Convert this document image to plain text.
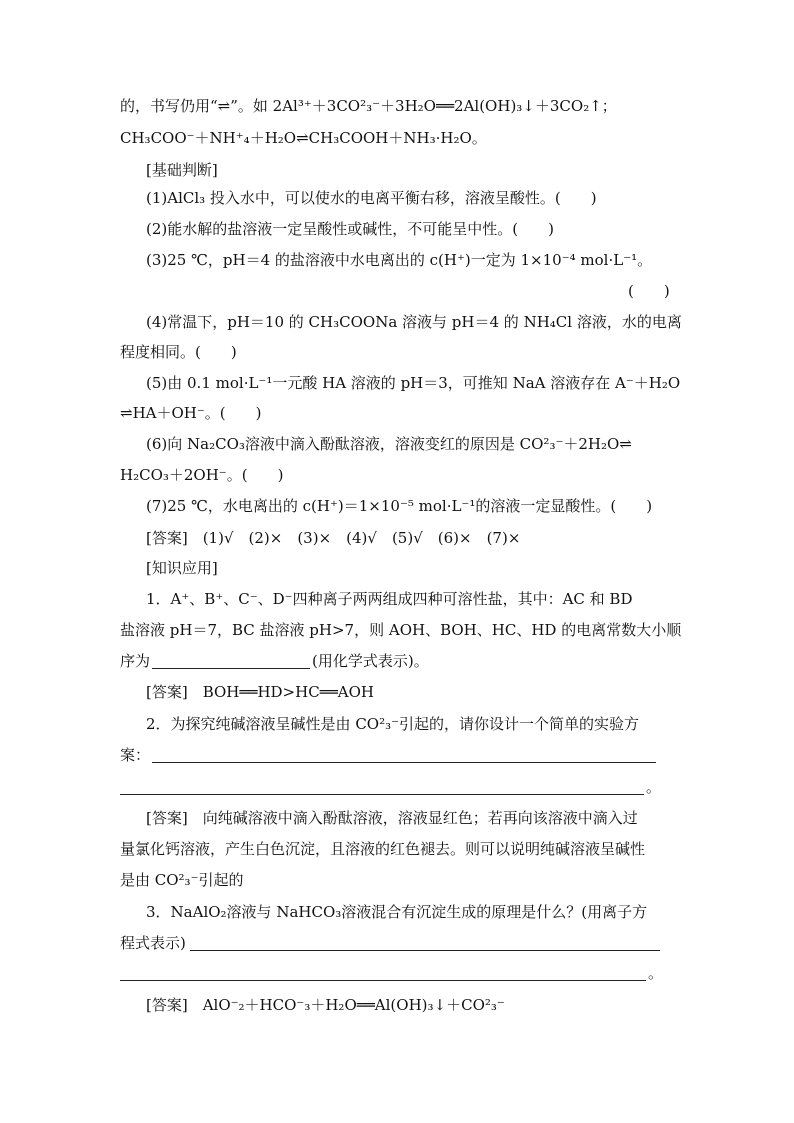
的，书写仍用“⇌”。如 2Al³⁺＋3CO²₃⁻＋3H₂O══2Al(OH)₃↓＋3CO₂↑；
CH₃COO⁻＋NH⁺₄＋H₂O⇌CH₃COOH＋NH₃·H₂O。
[基础判断]
(1)AlCl₃ 投入水中，可以使水的电离平衡右移，溶液呈酸性。(　　)
(2)能水解的盐溶液一定呈酸性或碱性，不可能呈中性。(　　)
(3)25 ℃，pH＝4 的盐溶液中水电离出的 c(H⁺)一定为 1×10⁻⁴ mol·L⁻¹。
(　　)
(4)常温下，pH＝10 的 CH₃COONa 溶液与 pH＝4 的 NH₄Cl 溶液，水的电离
程度相同。(　　)
(5)由 0.1 mol·L⁻¹一元酸 HA 溶液的 pH＝3，可推知 NaA 溶液存在 A⁻＋H₂O
⇌HA＋OH⁻。(　　)
(6)向 Na₂CO₃溶液中滴入酚酞溶液，溶液变红的原因是 CO²₃⁻＋2H₂O⇌
H₂CO₃＋2OH⁻。(　　)
(7)25 ℃，水电离出的 c(H⁺)＝1×10⁻⁵ mol·L⁻¹的溶液一定显酸性。(　　)
[答案]　(1)√　(2)×　(3)×　(4)√　(5)√　(6)×　(7)×
[知识应用]
1．A⁺、B⁺、C⁻、D⁻四种离子两两组成四种可溶性盐，其中：AC 和 BD
盐溶液 pH＝7，BC 盐溶液 pH>7，则 AOH、BOH、HC、HD 的电离常数大小顺
序为	(用化学式表示)。
[答案]　BOH══HD>HC══AOH
2．为探究纯碱溶液呈碱性是由 CO²₃⁻引起的，请你设计一个简单的实验方
案：
。
[答案]　向纯碱溶液中滴入酚酞溶液，溶液显红色；若再向该溶液中滴入过
量氯化钙溶液，产生白色沉淀，且溶液的红色褪去。则可以说明纯碱溶液呈碱性
是由 CO²₃⁻引起的
3．NaAlO₂溶液与 NaHCO₃溶液混合有沉淀生成的原理是什么？(用离子方
程式表示)
。
[答案]　AlO⁻₂＋HCO⁻₃＋H₂O══Al(OH)₃↓＋CO²₃⁻
